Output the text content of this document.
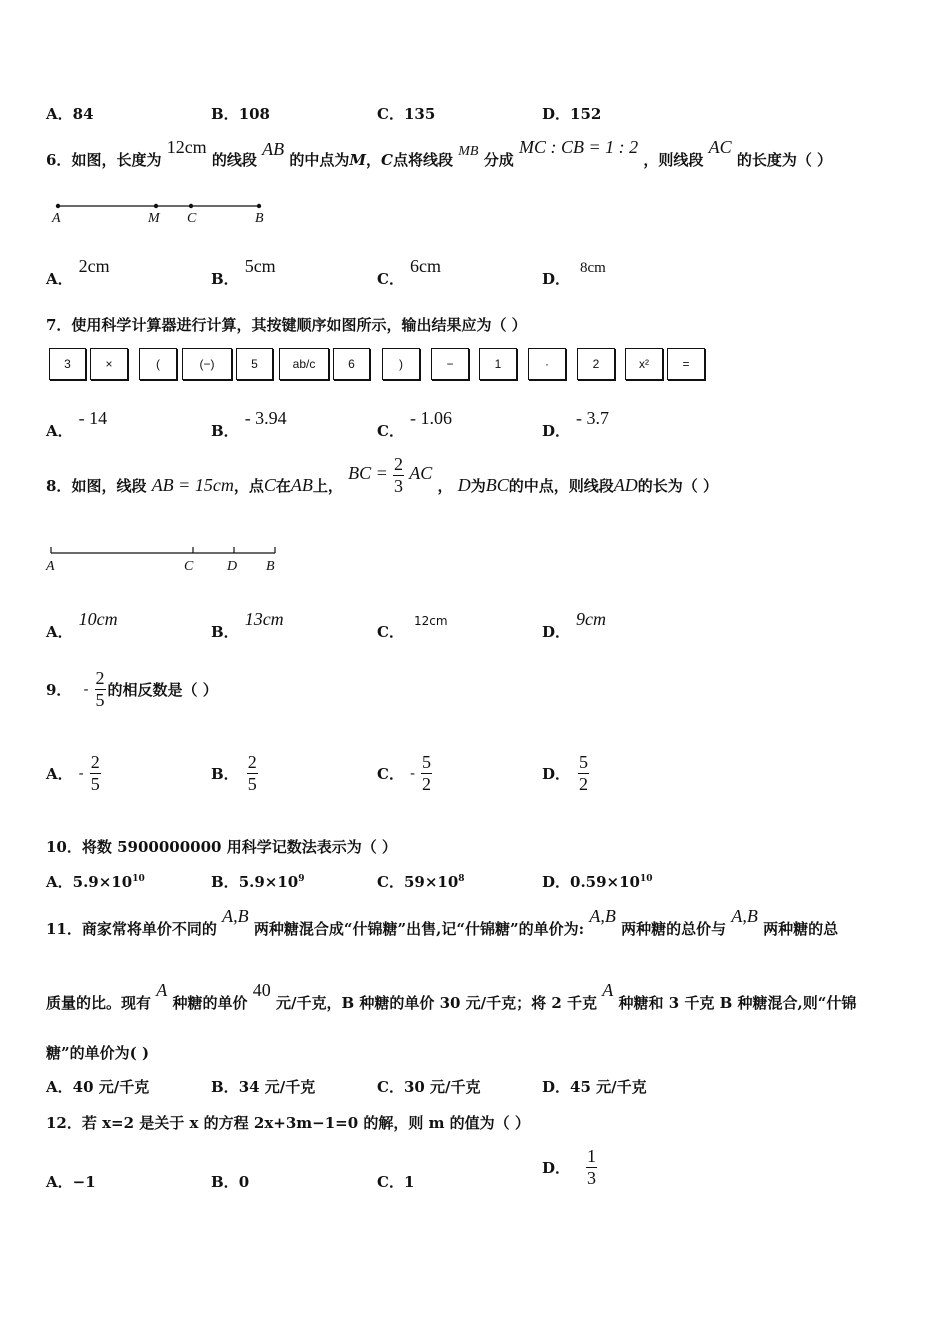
A．84	B．108	C．135	D．152
6．如图，长度为 12cm 的线段 AB 的中点为M，C点将线段 MB 分成 MC : CB = 1 : 2 ，则线段 AC 的长度为（ ）
A	M C	B
A．2cm
B．5cm
C．6cm
D．8cm
7．使用科学计算器进行计算，其按键顺序如图所示，输出结果应为（ ）
3	×	(	(−)	5	ab/c	6	)	−	1	·	2	x²	=
A．- 14
B．- 3.94
C．- 1.06
D．- 3.7
8．如图，线段 AB = 15cm，点C在AB上， BC = $\frac{2}{3}$ AC ， D为BC的中点，则线段AD的长为（ ）
A	C D B
A．10cm
B．13cm
C．12cm
D．9cm
9． - $\frac{2}{5}$ 的相反数是（ ）
A． - $\frac{2}{5}$	B． $\frac{2}{5}$	C． - $\frac{5}{2}$	D． $\frac{5}{2}$
10．将数 5900000000 用科学记数法表示为（ ）
A．$5.9\times 10^{10}$	B．$5.9\times 10^9$	C．$59\times 10^8$	D．$0.59\times 10^{10}$
11．商家常将单价不同的 A,B 两种糖混合成“什锦糖”出售,记“什锦糖”的单价为: A,B 两种糖的总价与 A,B 两种糖的总
质量的比。现有 A 种糖的单价 40 元/千克，B 种糖的单价 30 元/千克；将 2 千克 A 种糖和 3 千克 B 种糖混合,则“什锦
糖”的单价为( )
A．40 元/千克	B．34 元/千克	C．30 元/千克	D．45 元/千克
12．若 x=2 是关于 x 的方程 2x+3m−1=0 的解，则 m 的值为（ ）
A．−1	B．0	C．1
D． $\frac{1}{3}$
